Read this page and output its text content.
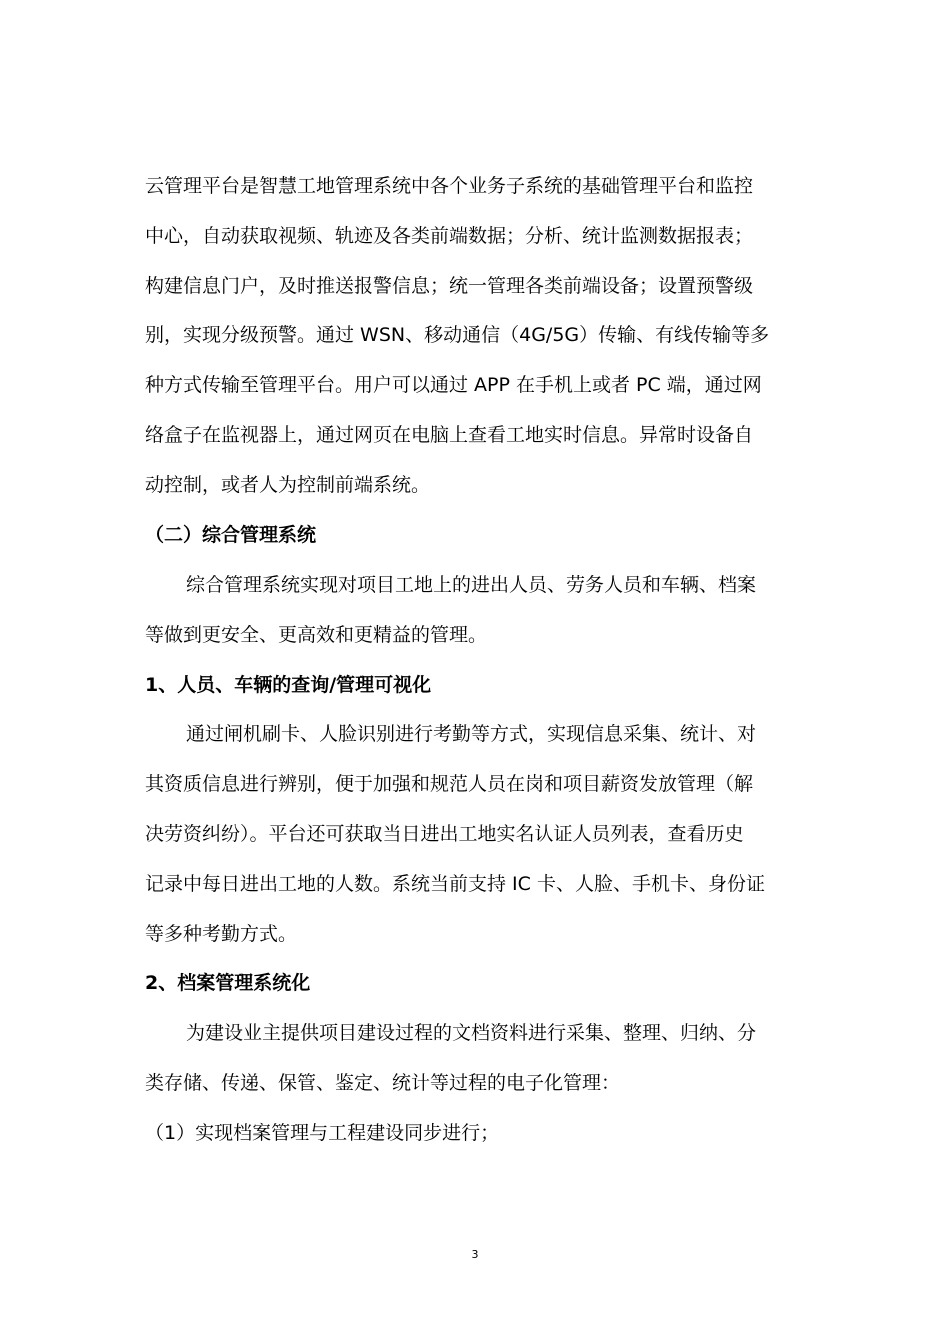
云管理平台是智慧工地管理系统中各个业务子系统的基础管理平台和监控
中心，自动获取视频、轨迹及各类前端数据；分析、统计监测数据报表；
构建信息门户，及时推送报警信息；统一管理各类前端设备；设置预警级
别，实现分级预警。通过 WSN、移动通信（4G/5G）传输、有线传输等多
种方式传输至管理平台。用户可以通过 APP 在手机上或者 PC 端，通过网
络盒子在监视器上，通过网页在电脑上查看工地实时信息。异常时设备自
动控制，或者人为控制前端系统。
（二）综合管理系统
综合管理系统实现对项目工地上的进出人员、劳务人员和车辆、档案
等做到更安全、更高效和更精益的管理。
1、人员、车辆的查询/管理可视化
通过闸机刷卡、人脸识别进行考勤等方式，实现信息采集、统计、对
其资质信息进行辨别，便于加强和规范人员在岗和项目薪资发放管理（解
决劳资纠纷）。平台还可获取当日进出工地实名认证人员列表，查看历史
记录中每日进出工地的人数。系统当前支持 IC 卡、人脸、手机卡、身份证
等多种考勤方式。
2、档案管理系统化
为建设业主提供项目建设过程的文档资料进行采集、整理、归纳、分
类存储、传递、保管、鉴定、统计等过程的电子化管理：
（1）实现档案管理与工程建设同步进行；
3
